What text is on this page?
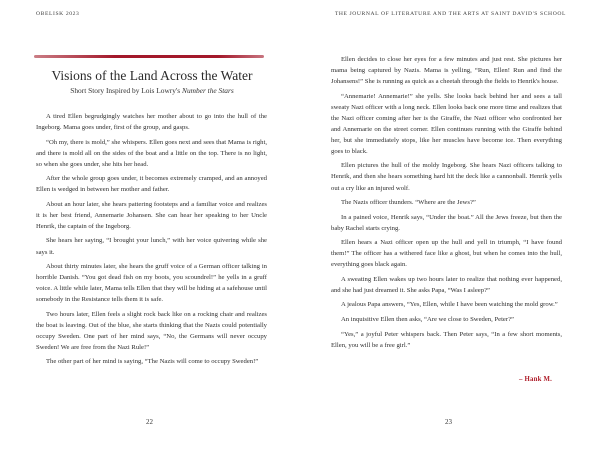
OBELISK 2023
Visions of the Land Across the Water
Short Story Inspired by Lois Lowry's Number the Stars

A tired Ellen begrudgingly watches her mother about to go into the hull of the Ingeborg. Mama goes under, first of the group, and gasps.

“Oh my, there is mold,” she whispers. Ellen goes next and sees that Mama is right, and there is mold all on the sides of the boat and a little on the top. There is no light, so when she goes under, she hits her head.

After the whole group goes under, it becomes extremely cramped, and an annoyed Ellen is wedged in between her mother and father.

About an hour later, she hears pattering footsteps and a familiar voice and realizes it is her best friend, Annemarie Johansen. She can hear her speaking to her Uncle Henrik, the captain of the Ingeborg.

She hears her saying, “I brought your lunch,” with her voice quivering while she says it.

About thirty minutes later, she hears the gruff voice of a German officer talking in horrible Danish. “You got dead fish on my boots, you scoundrel!” he yells in a gruff voice. A little while later, Mama tells Ellen that they will be hiding at a safehouse until somebody in the Resistance tells them it is safe.

Two hours later, Ellen feels a slight rock back like on a rocking chair and realizes the boat is leaving. Out of the blue, she starts thinking that the Nazis could potentially occupy Sweden. One part of her mind says, “No, the Germans will never occupy Sweden! We are free from the Nazi Rule!”

The other part of her mind is saying, “The Nazis will come to occupy Sweden!”

22
THE JOURNAL OF LITERATURE AND THE ARTS AT SAINT DAVID'S SCHOOL

Ellen decides to close her eyes for a few minutes and just rest. She pictures her mama being captured by Nazis. Mama is yelling, “Run, Ellen! Run and find the Johansens!” She is running as quick as a cheetah through the fields to Henrik's house.

“Annemarie! Annemarie!” she yells. She looks back behind her and sees a tall sweaty Nazi officer with a long neck. Ellen looks back one more time and realizes that the Nazi officer coming after her is the Giraffe, the Nazi officer who confronted her and Annemarie on the street corner. Ellen continues running with the Giraffe behind her, but she immediately stops, like her muscles have become ice. Then everything goes to black.

Ellen pictures the hull of the moldy Ingeborg. She hears Nazi officers talking to Henrik, and then she hears something hard hit the deck like a cannonball. Henrik yells out a cry like an injured wolf.

The Nazis officer thunders. “Where are the Jews?”

In a pained voice, Henrik says, “Under the boat.” All the Jews freeze, but then the baby Rachel starts crying.

Ellen hears a Nazi officer open up the hull and yell in triumph, “I have found them!” The officer has a withered face like a ghost, but when he comes into the hull, everything goes black again.

A sweating Ellen wakes up two hours later to realize that nothing ever happened, and she had just dreamed it. She asks Papa, “Was I asleep?”

A jealous Papa answers, “Yes, Ellen, while I have been watching the mold grow.”

An inquisitive Ellen then asks, “Are we close to Sweden, Peter?”

“Yes,” a joyful Peter whispers back. Then Peter says, “In a few short moments, Ellen, you will be a free girl.”

– Hank M.
23
